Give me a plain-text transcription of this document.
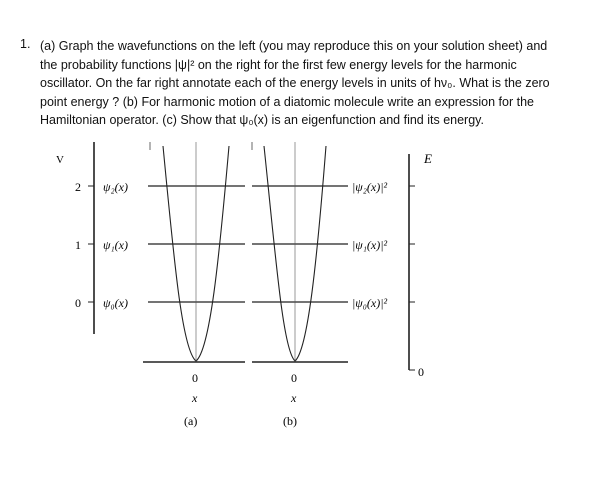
1. (a) Graph the wavefunctions on the left (you may reproduce this on your solution sheet) and

the probability functions |ψ|² on the right for the first few energy levels for the harmonic

oscillator. On the far right annotate each of the energy levels in units of hν₀. What is the zero

point energy ? (b) For harmonic motion of a diatomic molecule write an expression for the

Hamiltonian operator. (c) Show that ψ₀(x) is an eigenfunction and find its energy.

V
2
1
0
ψ₂(x)
ψ₁(x)
ψ₀(x)
0
x
(a)
0
x
(b)
|ψ₂(x)|²
|ψ₁(x)|²
|ψ₀(x)|²
E
0
